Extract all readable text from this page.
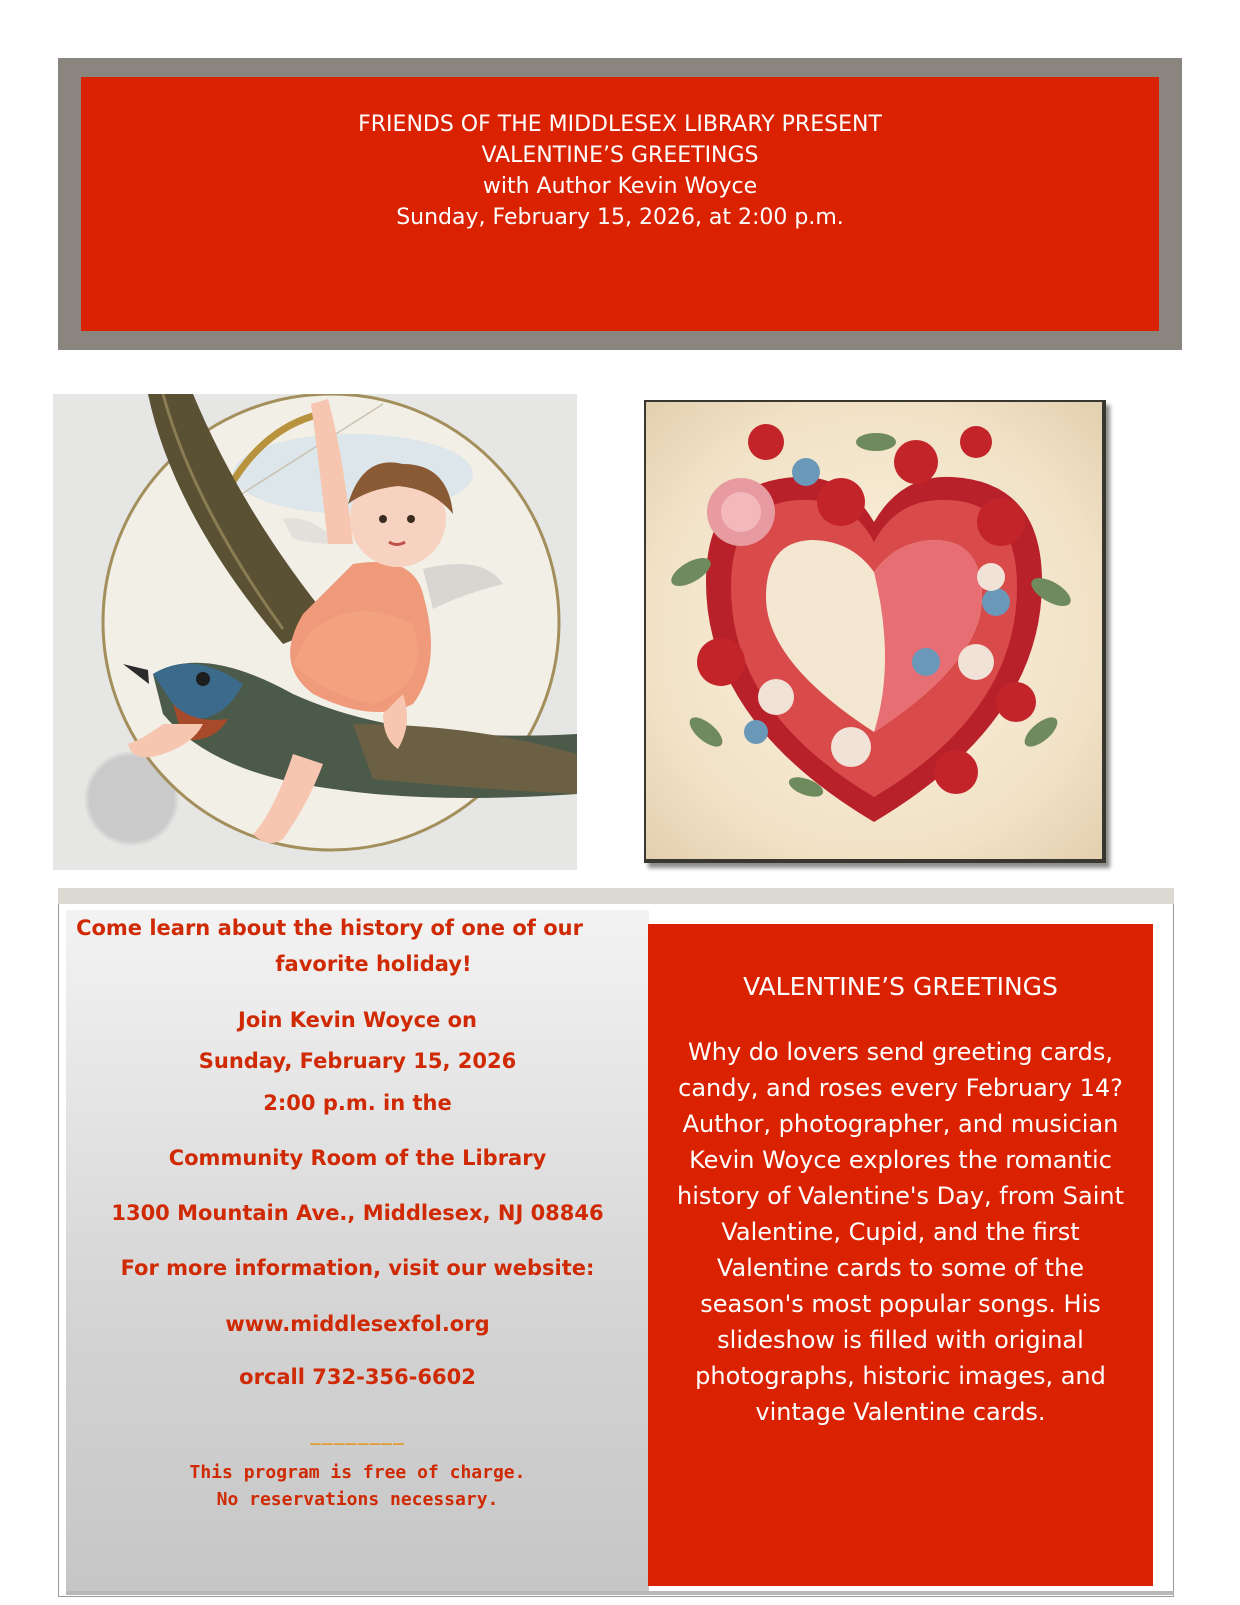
FRIENDS OF THE MIDDLESEX LIBRARY PRESENT
VALENTINE’S GREETINGS
with Author Kevin Woyce
Sunday, February 15, 2026, at 2:00 p.m.
Come learn about the history of one of our
favorite holiday!
Join Kevin Woyce on
Sunday, February 15, 2026
2:00 p.m. in the
Community Room of the Library
1300 Mountain Ave., Middlesex, NJ 08846
For more information, visit our website:
www.middlesexfol.org
orcall 732-356-6602
________
This program is free of charge.
No reservations necessary.
VALENTINE’S GREETINGS
Why do lovers send greeting cards,
candy, and roses every February 14?
Author, photographer, and musician
Kevin Woyce explores the romantic
history of Valentine's Day, from Saint
Valentine, Cupid, and the first
Valentine cards to some of the
season's most popular songs. His
slideshow is filled with original
photographs, historic images, and
vintage Valentine cards.
